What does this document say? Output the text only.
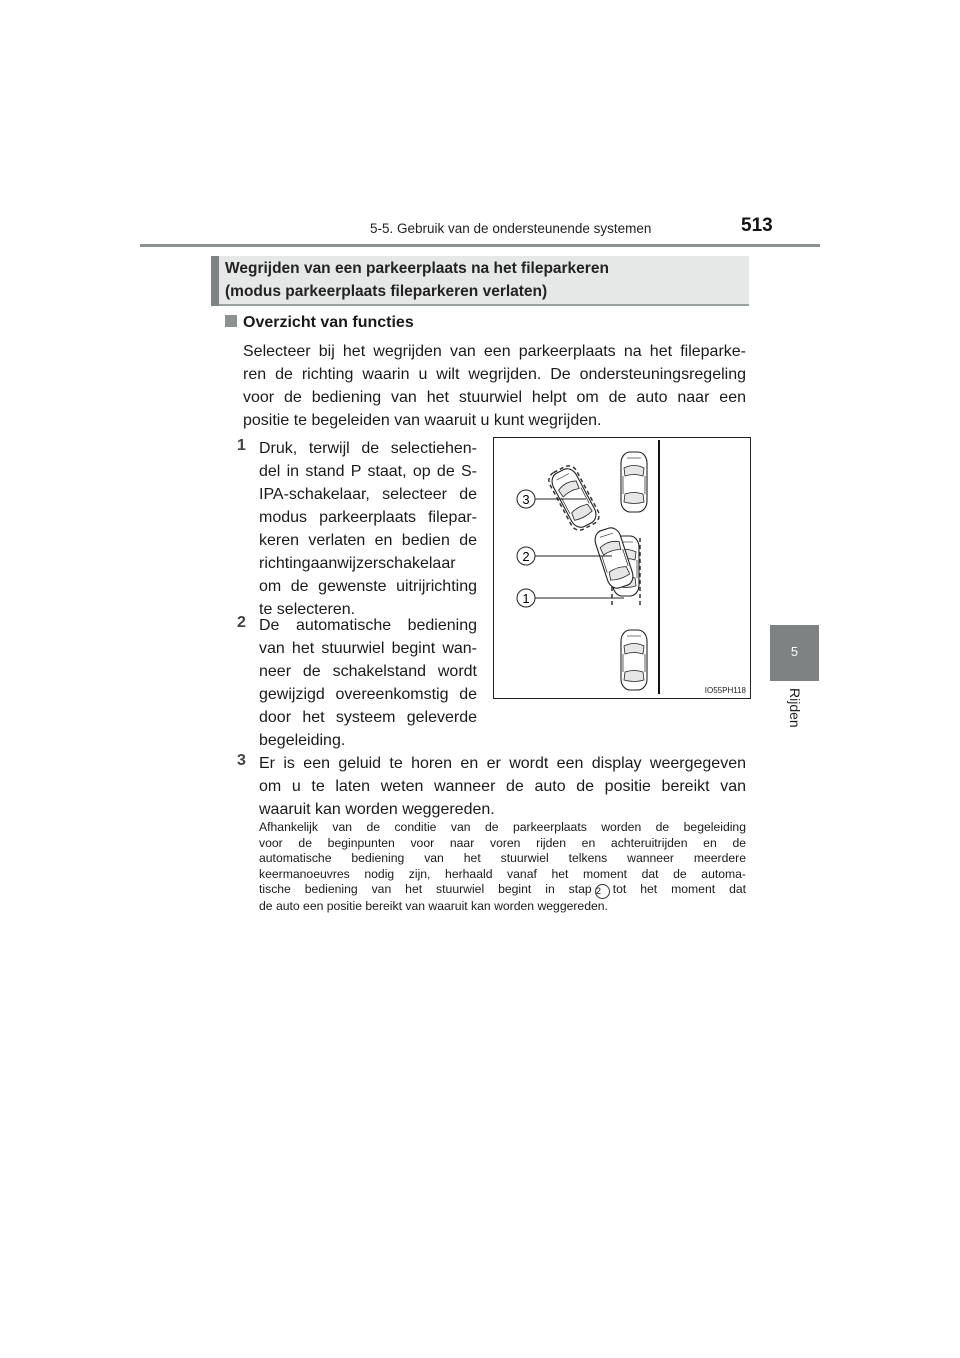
5-5. Gebruik van de ondersteunende systemen	513
5
Rijden
Wegrijden van een parkeerplaats na het fileparkeren
(modus parkeerplaats fileparkeren verlaten)
Overzicht van functies
Selecteer bij het wegrijden van een parkeerplaats na het fileparke-
ren de richting waarin u wilt wegrijden. De ondersteuningsregeling
voor de bediening van het stuurwiel helpt om de auto naar een
positie te begeleiden van waaruit u kunt wegrijden.
1 Druk, terwijl de selectiehen-
del in stand P staat, op de S-
IPA-schakelaar, selecteer de
modus parkeerplaats filepar-
keren verlaten en bedien de
richtingaanwijzerschakelaar
om de gewenste uitrijrichting
te selecteren.
2 De automatische bediening
van het stuurwiel begint wan-
neer de schakelstand wordt
gewijzigd overeenkomstig de
door het systeem geleverde
begeleiding.
3 Er is een geluid te horen en er wordt een display weergegeven
om u te laten weten wanneer de auto de positie bereikt van
waaruit kan worden weggereden.
Afhankelijk van de conditie van de parkeerplaats worden de begeleiding
voor de beginpunten voor naar voren rijden en achteruitrijden en de
automatische bediening van het stuurwiel telkens wanneer meerdere
keermanoeuvres nodig zijn, herhaald vanaf het moment dat de automa-
tische bediening van het stuurwiel begint in stap 2 tot het moment dat
de auto een positie bereikt van waaruit kan worden weggereden.
3
2
1
IO55PH118
